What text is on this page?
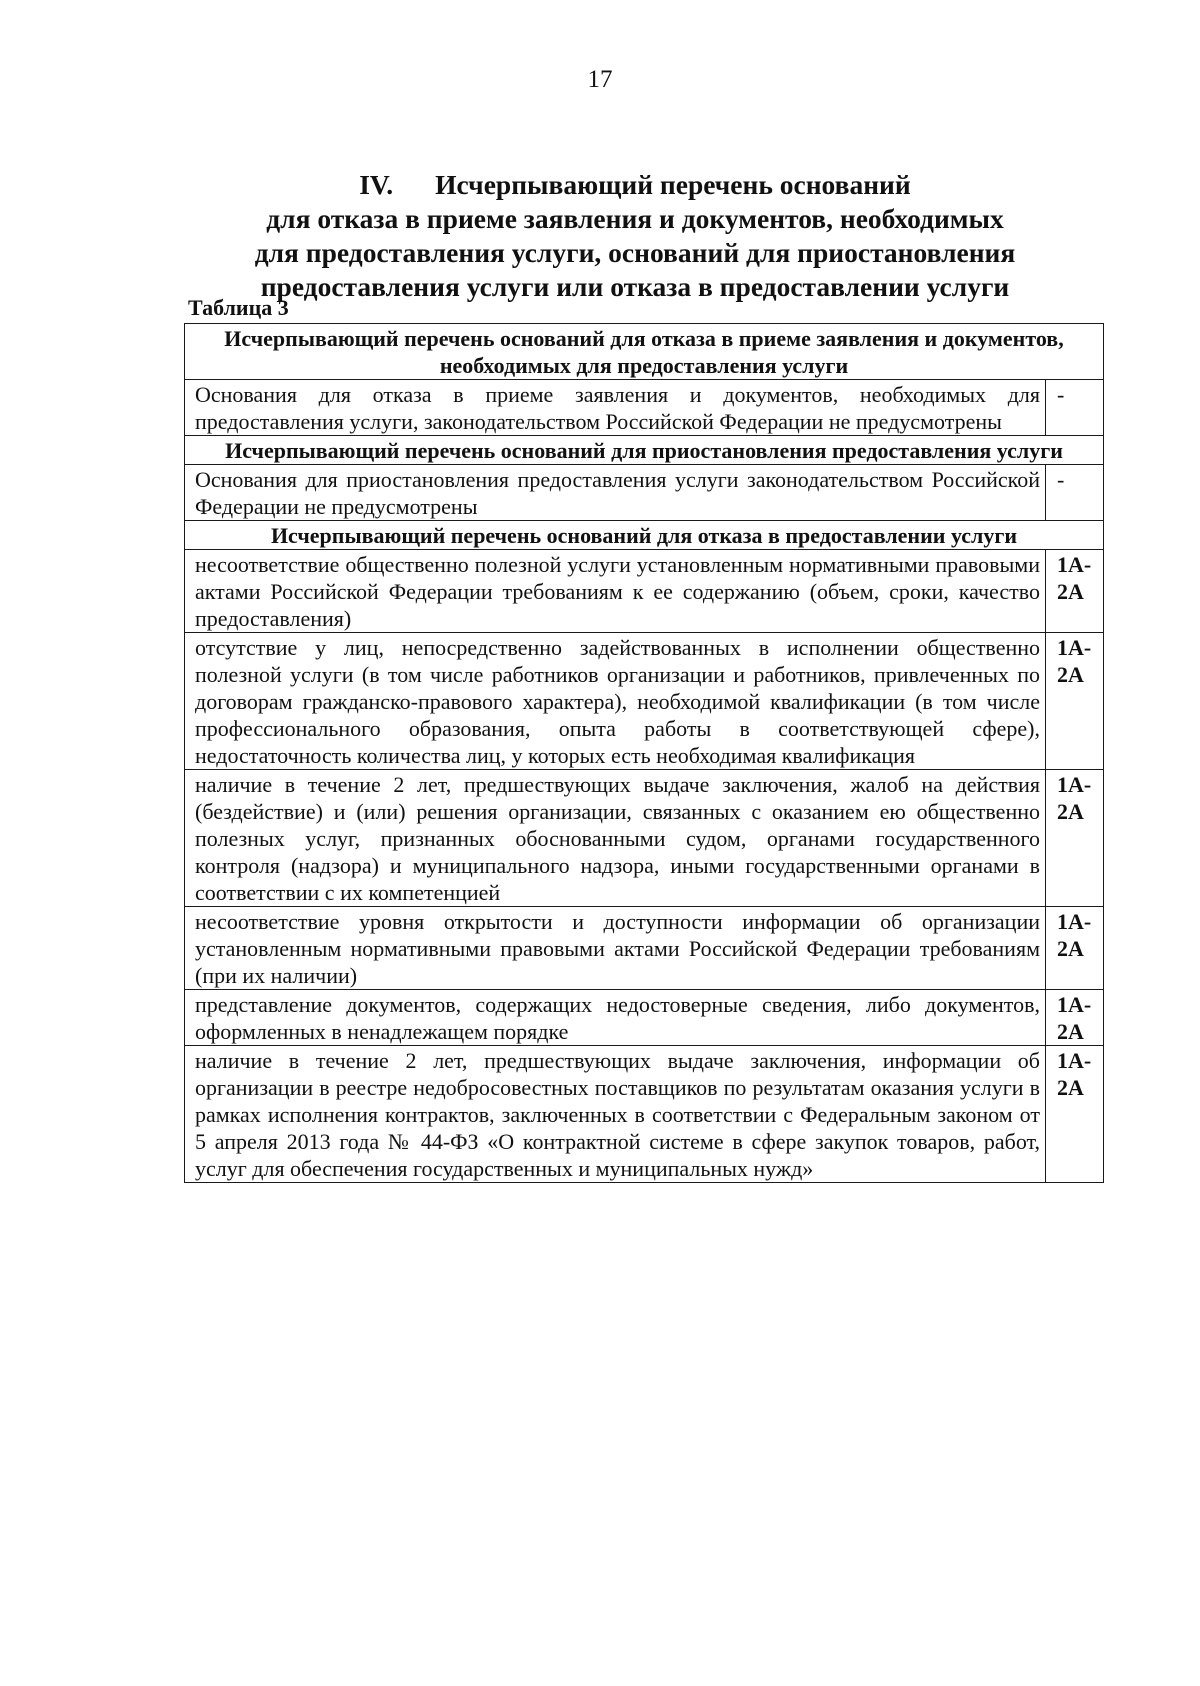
17
IV. Исчерпывающий перечень оснований
для отказа в приеме заявления и документов, необходимых
для предоставления услуги, оснований для приостановления
предоставления услуги или отказа в предоставлении услуги
Таблица 3
Исчерпывающий перечень оснований для отказа в приеме заявления и документов, необходимых для предоставления услуги	
Основания для отказа в приеме заявления и документов, необходимых для предоставления услуги, законодательством Российской Федерации не предусмотрены	-
Исчерпывающий перечень оснований для приостановления предоставления услуги	
Основания для приостановления предоставления услуги законодательством Российской Федерации не предусмотрены	-
Исчерпывающий перечень оснований для отказа в предоставлении услуги	
несоответствие общественно полезной услуги установленным нормативными правовыми актами Российской Федерации требованиям к ее содержанию (объем, сроки, качество предоставления)	1А-
2А

отсутствие у лиц, непосредственно задействованных в исполнении общественно полезной услуги (в том числе работников организации и работников, привлеченных по договорам гражданско-правового характера), необходимой квалификации (в том числе профессионального образования, опыта работы в соответствующей сфере), недостаточность количества лиц, у которых есть необходимая квалификация	1А-
2А

наличие в течение 2 лет, предшествующих выдаче заключения, жалоб на действия (бездействие) и (или) решения организации, связанных с оказанием ею общественно полезных услуг, признанных обоснованными судом, органами государственного контроля (надзора) и муниципального надзора, иными государственными органами в соответствии с их компетенцией	1А-
2А

несоответствие уровня открытости и доступности информации об организации установленным нормативными правовыми актами Российской Федерации требованиям (при их наличии)	1А-
2А

представление документов, содержащих недостоверные сведения, либо документов, оформленных в ненадлежащем порядке	1А-
2А

наличие в течение 2 лет, предшествующих выдаче заключения, информации об организации в реестре недобросовестных поставщиков по результатам оказания услуги в рамках исполнения контрактов, заключенных в соответствии с Федеральным законом от 5 апреля 2013 года № 44-ФЗ «О контрактной системе в сфере закупок товаров, работ, услуг для обеспечения государственных и муниципальных нужд»	1А-
2А
